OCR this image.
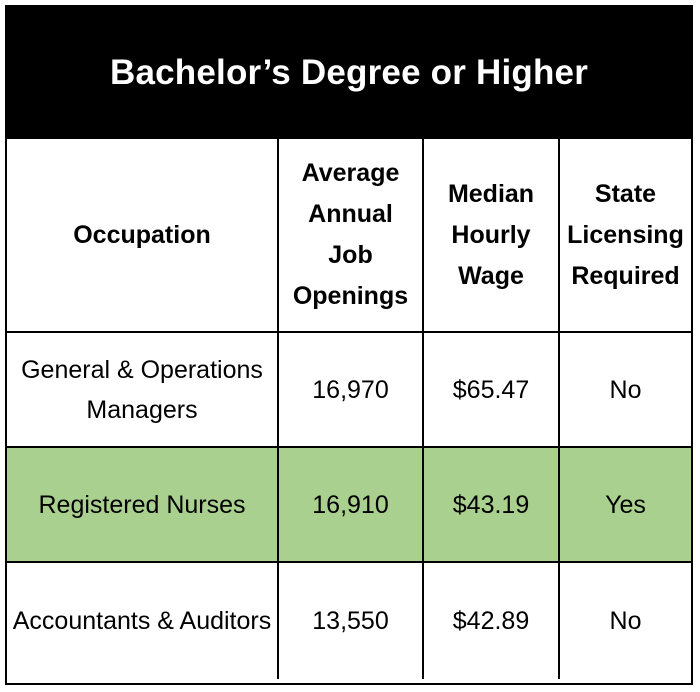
Bachelor’s Degree or Higher
Occupation	Average Annual Job Openings	Median Hourly Wage	State Licensing Required
General & Operations Managers	16,970	$65.47	No
Registered Nurses	16,910	$43.19	Yes
Accountants & Auditors	13,550	$42.89	No
